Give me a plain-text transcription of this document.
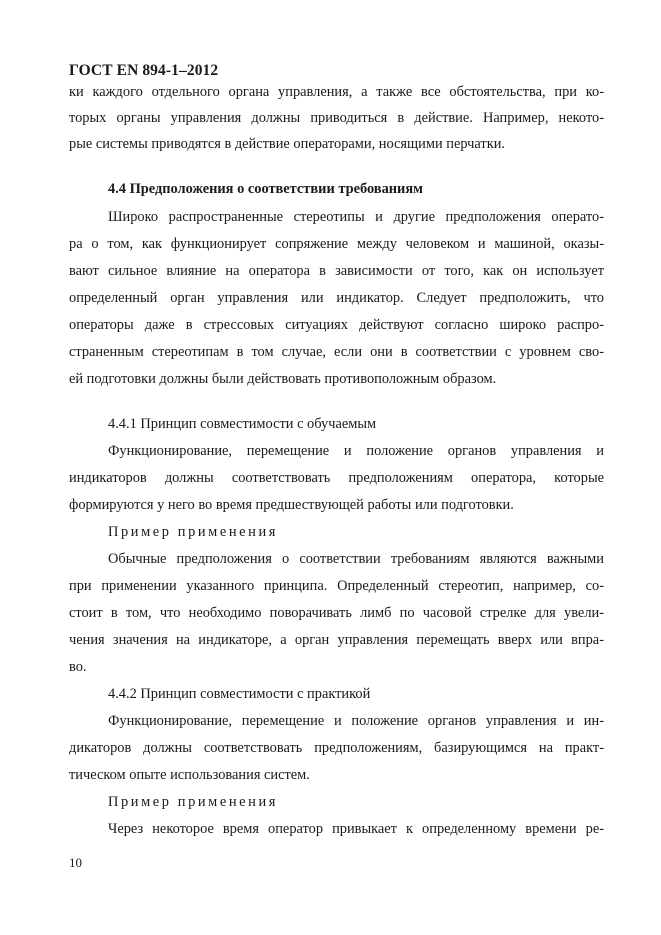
ГОСТ EN 894-1–2012
ки каждого отдельного органа управления, а также все обстоятельства, при ко-
торых органы управления должны приводиться в действие. Например, некото-
рые системы приводятся в действие операторами, носящими перчатки.
4.4 Предположения о соответствии требованиям
Широко распространенные стереотипы и другие предположения операто-
ра о том, как функционирует сопряжение между человеком и машиной, оказы-
вают сильное влияние на оператора в зависимости от того, как он использует
определенный орган управления или индикатор. Следует предположить, что
операторы даже в стрессовых ситуациях действуют согласно широко распро-
страненным стереотипам в том случае, если они в соответствии с уровнем сво-
ей подготовки должны были действовать противоположным образом.
4.4.1 Принцип совместимости с обучаемым
Функционирование, перемещение и положение органов управления и
индикаторов должны соответствовать предположениям оператора, которые
формируются у него во время предшествующей работы или подготовки.
Пример применения
Обычные предположения о соответствии требованиям являются важными
при применении указанного принципа. Определенный стереотип, например, со-
стоит в том, что необходимо поворачивать лимб по часовой стрелке для увели-
чения значения на индикаторе, а орган управления перемещать вверх или впра-
во.
4.4.2 Принцип совместимости с практикой
Функционирование, перемещение и положение органов управления и ин-
дикаторов должны соответствовать предположениям, базирующимся на практ-
тическом опыте использования систем.
Пример применения
Через некоторое время оператор привыкает к определенному времени ре-
10
